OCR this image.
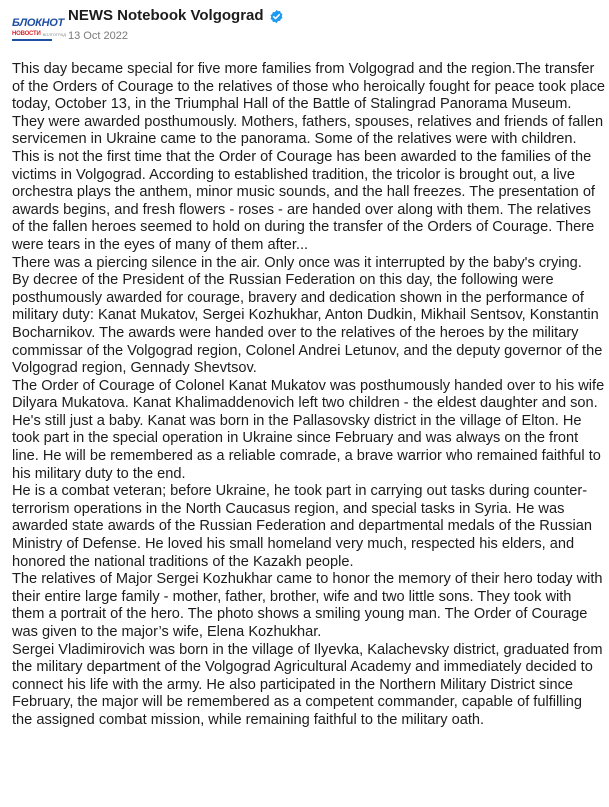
БЛОКНОТ
НОВОСТИ ВОЛГОГРАД
NEWS Notebook Volgograd
13 Oct 2022

This day became special for five more families from Volgograd and the region.The transfer of the Orders of Courage to the relatives of those who heroically fought for peace took place today, October 13, in the Triumphal Hall of the Battle of Stalingrad Panorama Museum. They were awarded posthumously. Mothers, fathers, spouses, relatives and friends of fallen servicemen in Ukraine came to the panorama. Some of the relatives were with children.

This is not the first time that the Order of Courage has been awarded to the families of the victims in Volgograd. According to established tradition, the tricolor is brought out, a live orchestra plays the anthem, minor music sounds, and the hall freezes. The presentation of awards begins, and fresh flowers - roses - are handed over along with them. The relatives of the fallen heroes seemed to hold on during the transfer of the Orders of Courage. There were tears in the eyes of many of them after...

There was a piercing silence in the air. Only once was it interrupted by the baby's crying.

By decree of the President of the Russian Federation on this day, the following were posthumously awarded for courage, bravery and dedication shown in the performance of military duty: Kanat Mukatov, Sergei Kozhukhar, Anton Dudkin, Mikhail Sentsov, Konstantin Bocharnikov. The awards were handed over to the relatives of the heroes by the military commissar of the Volgograd region, Colonel Andrei Letunov, and the deputy governor of the Volgograd region, Gennady Shevtsov.

The Order of Courage of Colonel Kanat Mukatov was posthumously handed over to his wife Dilyara Mukatova. Kanat Khalimaddenovich left two children - the eldest daughter and son. He's still just a baby. Kanat was born in the Pallasovsky district in the village of Elton. He took part in the special operation in Ukraine since February and was always on the front line. He will be remembered as a reliable comrade, a brave warrior who remained faithful to his military duty to the end.

He is a combat veteran; before Ukraine, he took part in carrying out tasks during counter-terrorism operations in the North Caucasus region, and special tasks in Syria. He was awarded state awards of the Russian Federation and departmental medals of the Russian Ministry of Defense. He loved his small homeland very much, respected his elders, and honored the national traditions of the Kazakh people.

The relatives of Major Sergei Kozhukhar came to honor the memory of their hero today with their entire large family - mother, father, brother, wife and two little sons. They took with them a portrait of the hero. The photo shows a smiling young man. The Order of Courage was given to the major’s wife, Elena Kozhukhar.

Sergei Vladimirovich was born in the village of Ilyevka, Kalachevsky district, graduated from the military department of the Volgograd Agricultural Academy and immediately decided to connect his life with the army. He also participated in the Northern Military District since February, the major will be remembered as a competent commander, capable of fulfilling the assigned combat mission, while remaining faithful to the military oath.
